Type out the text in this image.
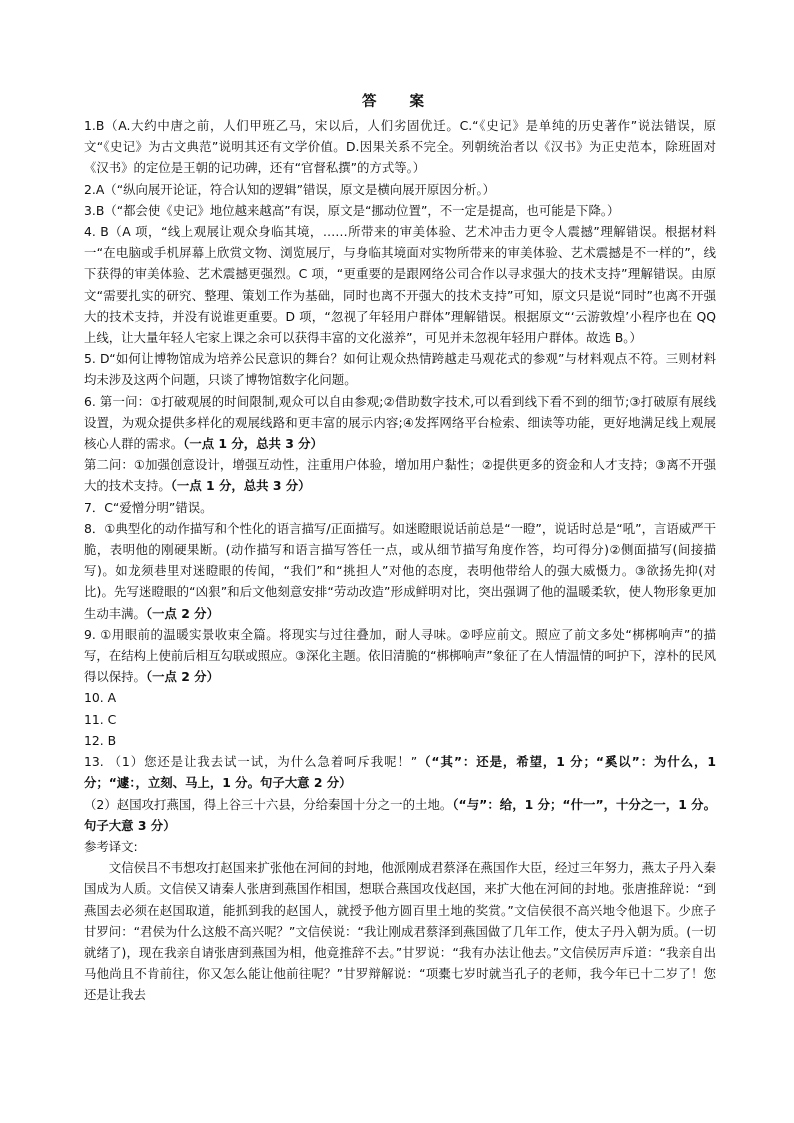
答 案

1.B（A.大约中唐之前，人们甲班乙马，宋以后，人们劣固优迁。C.“《史记》是单纯的历史著作”说法错误，原文“《史记》为古文典范”说明其还有文学价值。D.因果关系不完全。列朝统治者以《汉书》为正史范本，除班固对《汉书》的定位是王朝的记功碑，还有“官督私撰”的方式等。）

2.A（“纵向展开论证，符合认知的逻辑”错误，原文是横向展开原因分析。）

3.B（“都会使《史记》地位越来越高”有误，原文是“挪动位置”，不一定是提高，也可能是下降。）

4. B（A 项，“线上观展让观众身临其境，……所带来的审美体验、艺术冲击力更令人震撼”理解错误。根据材料一“在电脑或手机屏幕上欣赏文物、浏览展厅，与身临其境面对实物所带来的审美体验、艺术震撼是不一样的”，线下获得的审美体验、艺术震撼更强烈。C 项，“更重要的是跟网络公司合作以寻求强大的技术支持”理解错误。由原文“需要扎实的研究、整理、策划工作为基础，同时也离不开强大的技术支持”可知，原文只是说“同时”也离不开强大的技术支持，并没有说谁更重要。D 项，“忽视了年轻用户群体”理解错误。根据原文“‘云游敦煌’小程序也在 QQ 上线，让大量年轻人宅家上课之余可以获得丰富的文化滋养”，可见并未忽视年轻用户群体。故选 B。）

5. D“如何让博物馆成为培养公民意识的舞台？如何让观众热情跨越走马观花式的参观”与材料观点不符。三则材料均未涉及这两个问题，只谈了博物馆数字化问题。

6. 第一问：①打破观展的时间限制,观众可以自由参观;②借助数字技术,可以看到线下看不到的细节;③打破原有展线设置，为观众提供多样化的观展线路和更丰富的展示内容;④发挥网络平台检索、细读等功能，更好地满足线上观展核心人群的需求。（一点 1 分，总共 3 分）

第二问：①加强创意设计，增强互动性，注重用户体验，增加用户黏性；②提供更多的资金和人才支持；③离不开强大的技术支持。（一点 1 分，总共 3 分）

7．C“爱憎分明”错误。

8．①典型化的动作描写和个性化的语言描写/正面描写。如迷瞪眼说话前总是“一瞪”，说话时总是“吼”，言语威严干脆，表明他的刚硬果断。(动作描写和语言描写答任一点，或从细节描写角度作答，均可得分)②侧面描写(间接描写)。如龙须巷里对迷瞪眼的传闻，“我们”和“挑担人”对他的态度，表明他带给人的强大威慑力。③欲扬先抑(对比)。先写迷瞪眼的“凶狠”和后文他刻意安排“劳动改造”形成鲜明对比，突出强调了他的温暖柔软，使人物形象更加生动丰满。（一点 2 分）

9. ①用眼前的温暖实景收束全篇。将现实与过往叠加，耐人寻味。②呼应前文。照应了前文多处“梆梆响声”的描写，在结构上使前后相互勾联或照应。③深化主题。依旧清脆的“梆梆响声”象征了在人情温情的呵护下，淳朴的民风得以保持。（一点 2 分）

10. A

11. C

12. B

13. （1）您还是让我去试一试，为什么急着呵斥我呢！”（“其”：还是，希望，1 分；“奚以”：为什么，1 分；“遽：，立刻、马上，1 分。句子大意 2 分）

（2）赵国攻打燕国，得上谷三十六县，分给秦国十分之一的土地。（“与”：给，1 分；“什一”，十分之一，1 分。句子大意 3 分）

参考译文:

文信侯吕不韦想攻打赵国来扩张他在河间的封地，他派刚成君蔡泽在燕国作大臣，经过三年努力，燕太子丹入秦国成为人质。文信侯又请秦人张唐到燕国作相国，想联合燕国攻伐赵国，来扩大他在河间的封地。张唐推辞说：“到燕国去必须在赵国取道，能抓到我的赵国人，就授予他方圆百里土地的奖赏。”文信侯很不高兴地令他退下。少庶子甘罗问：“君侯为什么这般不高兴呢？”文信侯说：“我让刚成君蔡泽到燕国做了几年工作，使太子丹入朝为质。(一切就绪了)，现在我亲自请张唐到燕国为相，他竟推辞不去。”甘罗说：“我有办法让他去。”文信侯厉声斥道：“我亲自出马他尚且不肯前往，你又怎么能让他前往呢？”甘罗辩解说：“项橐七岁时就当孔子的老师，我今年已十二岁了！您还是让我去
